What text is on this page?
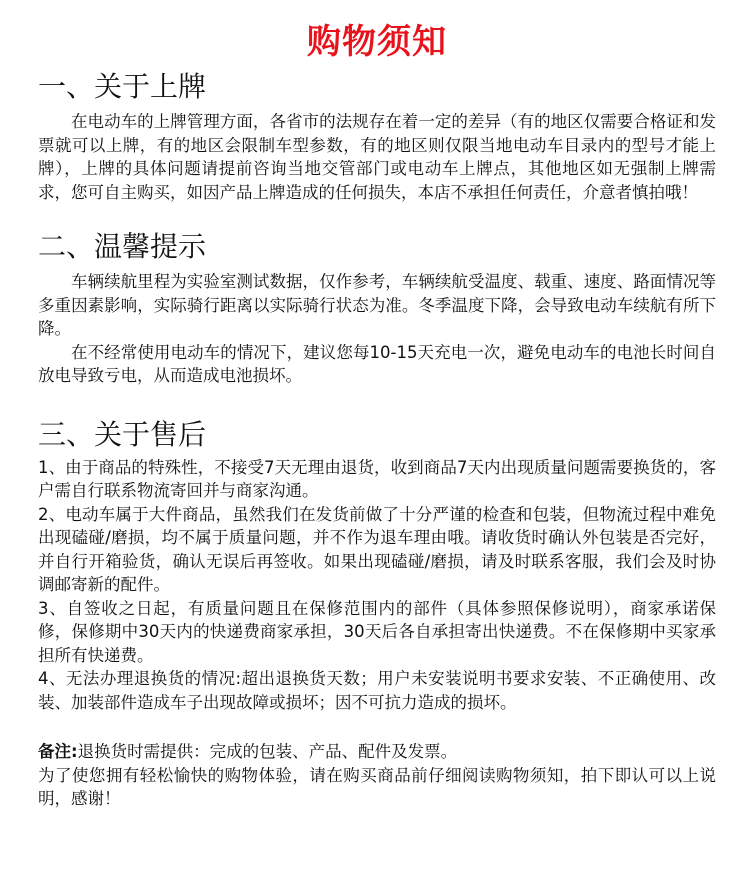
购物须知
一、关于上牌

在电动车的上牌管理方面，各省市的法规存在着一定的差异（有的地区仅需要合格证和发票就可以上牌，有的地区会限制车型参数，有的地区则仅限当地电动车目录内的型号才能上牌），上牌的具体问题请提前咨询当地交管部门或电动车上牌点，其他地区如无强制上牌需求，您可自主购买，如因产品上牌造成的任何损失，本店不承担任何责任，介意者慎拍哦！

二、温馨提示

车辆续航里程为实验室测试数据，仅作参考，车辆续航受温度、载重、速度、路面情况等多重因素影响，实际骑行距离以实际骑行状态为准。冬季温度下降，会导致电动车续航有所下降。

在不经常使用电动车的情况下，建议您每10-15天充电一次，避免电动车的电池长时间自放电导致亏电，从而造成电池损坏。

三、关于售后

1、由于商品的特殊性，不接受7天无理由退货，收到商品7天内出现质量问题需要换货的，客户需自行联系物流寄回并与商家沟通。

2、电动车属于大件商品，虽然我们在发货前做了十分严谨的检查和包装，但物流过程中难免出现磕碰/磨损，均不属于质量问题，并不作为退车理由哦。请收货时确认外包装是否完好，并自行开箱验货，确认无误后再签收。如果出现磕碰/磨损，请及时联系客服，我们会及时协调邮寄新的配件。

3、自签收之日起，有质量问题且在保修范围内的部件（具体参照保修说明），商家承诺保修，保修期中30天内的快递费商家承担，30天后各自承担寄出快递费。不在保修期中买家承担所有快递费。

4、无法办理退换货的情况:超出退换货天数；用户未安装说明书要求安装、不正确使用、改装、加装部件造成车子出现故障或损坏；因不可抗力造成的损坏。

备注:退换货时需提供：完成的包装、产品、配件及发票。

为了使您拥有轻松愉快的购物体验，请在购买商品前仔细阅读购物须知，拍下即认可以上说明，感谢！
